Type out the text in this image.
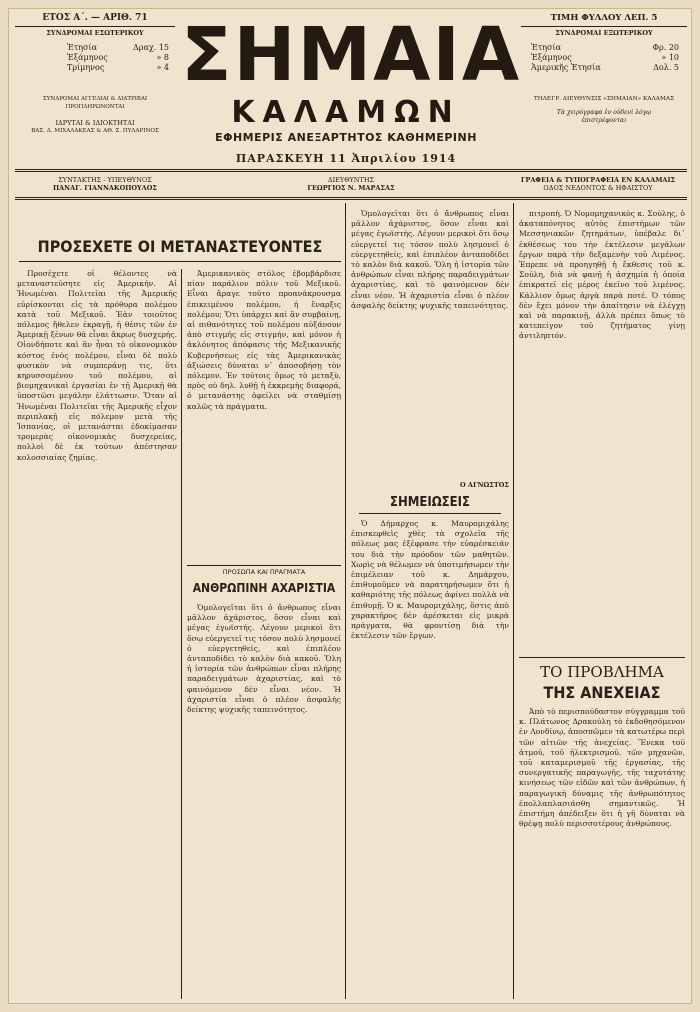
ΕΤΟΣ Α΄. — ΑΡΙΘ. 71
ΣΥΝΔΡΟΜΑΙ ΕΣΩΤΕΡΙΚΟΥ
Ἐτησία	Δραχ. 15
Ἑξάμηνος	» 8
Τρίμηνος	» 4
ΣΥΝΔΡΟΜΑΙ ΑΓΓΕΛΙΑΙ & ΔΙΑΤΡΙΒΑΙ ΠΡΟΠΛΗΡΩΝΟΝΤΑΙ
ΙΔΡΥΤΑΙ & ΙΔΙΟΚΤΗΤΑΙ
ΒΑΣ. Δ. ΜΙΧΑΛΑΚΕΑΣ & ΑΘ. Σ. ΠΥΛΑΡΙΝΟΣ
ΣΗΜΑΙΑ
ΚΑΛΑΜΩΝ
ΕΦΗΜΕΡΙΣ ΑΝΕΞΑΡΤΗΤΟΣ ΚΑΘΗΜΕΡΙΝΗ
ΠΑΡΑΣΚΕΥΗ 11 Ἀπριλίου 1914
ΤΙΜΗ ΦΥΛΛΟΥ ΛΕΠ. 5
ΣΥΝΔΡΟΜΑΙ ΕΞΩΤΕΡΙΚΟΥ
Ἐτησία	Φρ. 20
Ἑξάμηνος	» 10
Ἀμερικῆς Ἐτησία	Δολ. 5
ΤΗΛΕΓΡ. ΔΙΕΥΘΥΝΣΙΣ «ΣΗΜΑΙΑΝ» ΚΑΛΑΜΑΣ
Τὰ χειρόγραφα ἐν οὐδενὶ λόγῳ ἐπιστρέφονται
ΣΥΝΤΑΚΤΗΣ - ΥΠΕΥΘΥΝΟΣ
ΠΑΝΑΓ. ΓΙΑΝΝΑΚΟΠΟΥΛΟΣ
ΔΙΕΥΘΥΝΤΗΣ
ΓΕΩΡΓΙΟΣ Ν. ΜΑΡΑΣΑΣ
ΓΡΑΦΕΙΑ & ΤΥΠΟΓΡΑΦΕΙΑ ΕΝ ΚΑΛΑΜΑΙΣ
ΟΔΟΣ ΝΕΔΟΝΤΟΣ & ΗΦΑΙΣΤΟΥ
ΠΡΟΣΕΧΕΤΕ ΟΙ ΜΕΤΑΝΑΣΤΕΥΟΝΤΕΣ

Προσέχετε οἱ θέλοντες νὰ μεταναστεύσητε εἰς Ἀμερικήν. Αἱ Ἡνωμέναι Πολιτεῖαι τῆς Ἀμερικῆς εὑρίσκονται εἰς τὰ πρόθυρα πολέμου κατὰ τοῦ Μεξικοῦ. Ἐὰν τοιοῦτος πόλεμος ἤθελεν ἐκραγῇ, ἡ θέσις τῶν ἐν Ἀμερικῇ ξένων θὰ εἶναι ἄκρως δυσχερής. Οἱονδήποτε καὶ ἂν ἦναι τὸ οἰκονομικὸν κόστος ἑνὸς πολέμου, εἶναι δὲ πολὺ φυσικὸν νὰ συμπεράνῃ τις, ὅτι κηρυσσομένου τοῦ πολέμου, αἱ βιομηχανικαὶ ἐργασίαι ἐν τῇ Ἀμερικῇ θὰ ὑποστῶσι μεγάλην ἐλάττωσιν. Ὅταν αἱ Ἡνωμέναι Πολιτεῖαι τῆς Ἀμερικῆς εἶχον περιπλακῇ εἰς πόλεμον μετὰ τῆς Ἱσπανίας, οἱ μετανάσται ἐδοκίμασαν τρομερὰς οἰκονομικὰς δυσχερείας, πολλοὶ δὲ ἐκ τούτων ἀπέστησαν κολοσσιαίας ζημίας.

Ἀμερικανικὸς στόλος ἐβομβάρδισε πίαν παράλιον πόλιν τοῦ Μεξικοῦ. Εἶναι ἄραγε τοῦτο προανάκρουσμα ἐπικειμένου πολέμου, ἡ ἔναρξις πολέμου; Ὅτι ὑπάρχει καὶ ἂν συμβαίνῃ, αἱ πιθανότητες τοῦ πολέμου αὐξάνουν ἀπὸ στιγμῆς εἰς στιγμήν, καὶ μόνον ἡ ἀκλόνητος ἀπόφασις τῆς Μεξικανικῆς Κυβερνήσεως εἰς τὰς Ἀμερικανικὰς ἀξιώσεις δύναται ν᾽ ἀποσοβήσῃ τὸν πόλεμον. Ἐν τούτοις ὅμως τὸ μεταξὺ, πρὸς οὐ δηλ. λυθῇ ἡ ἐκκρεμὴς διαφορά, ὁ μετανάστης ὀφείλει νὰ σταθμίσῃ καλῶς τὰ πράγματα.

ΠΡΟΣΩΠΑ ΚΑΙ ΠΡΑΓΜΑΤΑ
ΑΝΘΡΩΠΙΝΗ ΑΧΑΡΙΣΤΙΑ

Ὁμολογεῖται ὅτι ὁ ἄνθρωπος εἶναι μᾶλλον ἀχάριστος, ὅσον εἶναι καὶ μέγας ἐγωϊστής. Λέγουν μερικοὶ ὅτι ὅσῳ εὐεργετεῖ τις τόσον πολὺ λησμονεῖ ὁ εὐεργετηθείς, καὶ ἐπιπλέον ἀνταποδίδει τὸ καλὸν διὰ κακοῦ. Ὅλη ἡ ἱστορία τῶν ἀνθρώπων εἶναι πλήρης παραδειγμάτων ἀχαριστίας, καὶ τὸ φαινόμενον δὲν εἶναι νέον. Ἡ ἀχαριστία εἶναι ὁ πλέον ἀσφαλὴς δείκτης ψυχικῆς ταπεινότητος.

Ὁμολογεῖται ὅτι ὁ ἄνθρωπος εἶναι μᾶλλον ἀχάριστος, ὅσον εἶναι καὶ μέγας ἐγωϊστής. Λέγουν μερικοὶ ὅτι ὅσῳ εὐεργετεῖ τις τόσον πολὺ λησμονεῖ ὁ εὐεργετηθείς, καὶ ἐπιπλέον ἀνταποδίδει τὸ καλὸν διὰ κακοῦ. Ὅλη ἡ ἱστορία τῶν ἀνθρώπων εἶναι πλήρης παραδειγμάτων ἀχαριστίας, καὶ τὸ φαινόμενον δὲν εἶναι νέον. Ἡ ἀχαριστία εἶναι ὁ πλέον ἀσφαλὴς δείκτης ψυχικῆς ταπεινότητος.

Ο ΑΓΝΩΣΤΟΣ
ΣΗΜΕΙΩΣΕΙΣ

Ὁ Δήμαρχος κ. Μαυρομιχάλης ἐπισκεφθεὶς χθὲς τὰ σχολεῖα τῆς πόλεως μας ἐξέφρασε τὴν εὐαρέσκειάν του διὰ τὴν πρόοδον τῶν μαθητῶν. Χωρὶς νὰ θέλωμεν νὰ ὑποτιμήσωμεν τὴν ἐπιμέλειαν τοῦ κ. Δημάρχου, ἐπιθυμοῦμεν νὰ παρατηρήσωμεν ὅτι ἡ καθαριότης τῆς πόλεως ἀφίνει πολλὰ νὰ ἐπιθυμῇ. Ὁ κ. Μαυρομιχάλης, ὅστις ἀπὸ χαρακτῆρος δὲν ἀρέσκεται εἰς μικρὰ πράγματα, θὰ φροντίσῃ διὰ τὴν ἐκτέλεσιν τῶν ἔργων.

πιτροπὴ. Ὁ Νομομηχανικὸς κ. Σούλης, ὁ ἀκαταπόνητος αὐτὸς ἐπιστήμων τῶν Μεσσηνιακῶν ζητημάτων, ὑπέβαλε δι᾽ ἐκθέσεως του τὴν ἐκτέλεσιν μεγάλων ἔργων παρὰ τὴν δεξαμενὴν τοῦ Λιμένος. Ἐπρεπε νὰ προηγηθῇ ἡ ἔκθεσις τοῦ κ. Σούλη, διὰ νὰ φανῇ ἡ ἀσχημία ἡ ὁποία ἐπικρατεῖ εἰς μέρος ἐκεῖνο τοῦ λιμένος. Κάλλιον ὅμως ἀργὰ παρὰ ποτέ. Ὁ τόπος δὲν ἔχει μόνον τὴν ἀπαίτησιν νὰ ἐλέγχῃ καὶ νὰ παρακινῇ, ἀλλὰ πρέπει ὅπως τὸ κατεπείγον τοῦ ζητήματος γίνῃ ἀντιληπτόν.

ΤΟ ΠΡΟΒΛΗΜΑ
ΤΗΣ ΑΝΕΧΕΙΑΣ

Ἀπὸ τὸ περισπούδαστον σύγγραμμα τοῦ κ. Πλάτωνος Δρακούλη τὸ ἐκδοθησόμενον ἐν Λονδίνῳ, ἀποσπῶμεν τὰ κατωτέρω περὶ τῶν αἰτιῶν τῆς ἀνεχείας. Ἕνεκα τοῦ ἀτμοῦ, τοῦ ἠλεκτρισμοῦ, τῶν μηχανῶν, τοῦ καταμερισμοῦ τῆς ἐργασίας, τῆς συνεργατικῆς παραγωγῆς, τῆς ταχυτάτης κινήσεως τῶν εἰδῶν καὶ τῶν ἀνθρώπων, ἡ παραγωγικὴ δύναμις τῆς ἀνθρωπότητος ἐπολλαπλασιάσθη σημαντικῶς. Ἡ ἐπιστήμη ἀπέδειξεν ὅτι ἡ γῆ δύναται νὰ θρέψῃ πολὺ περισσοτέρους ἀνθρώπους.
